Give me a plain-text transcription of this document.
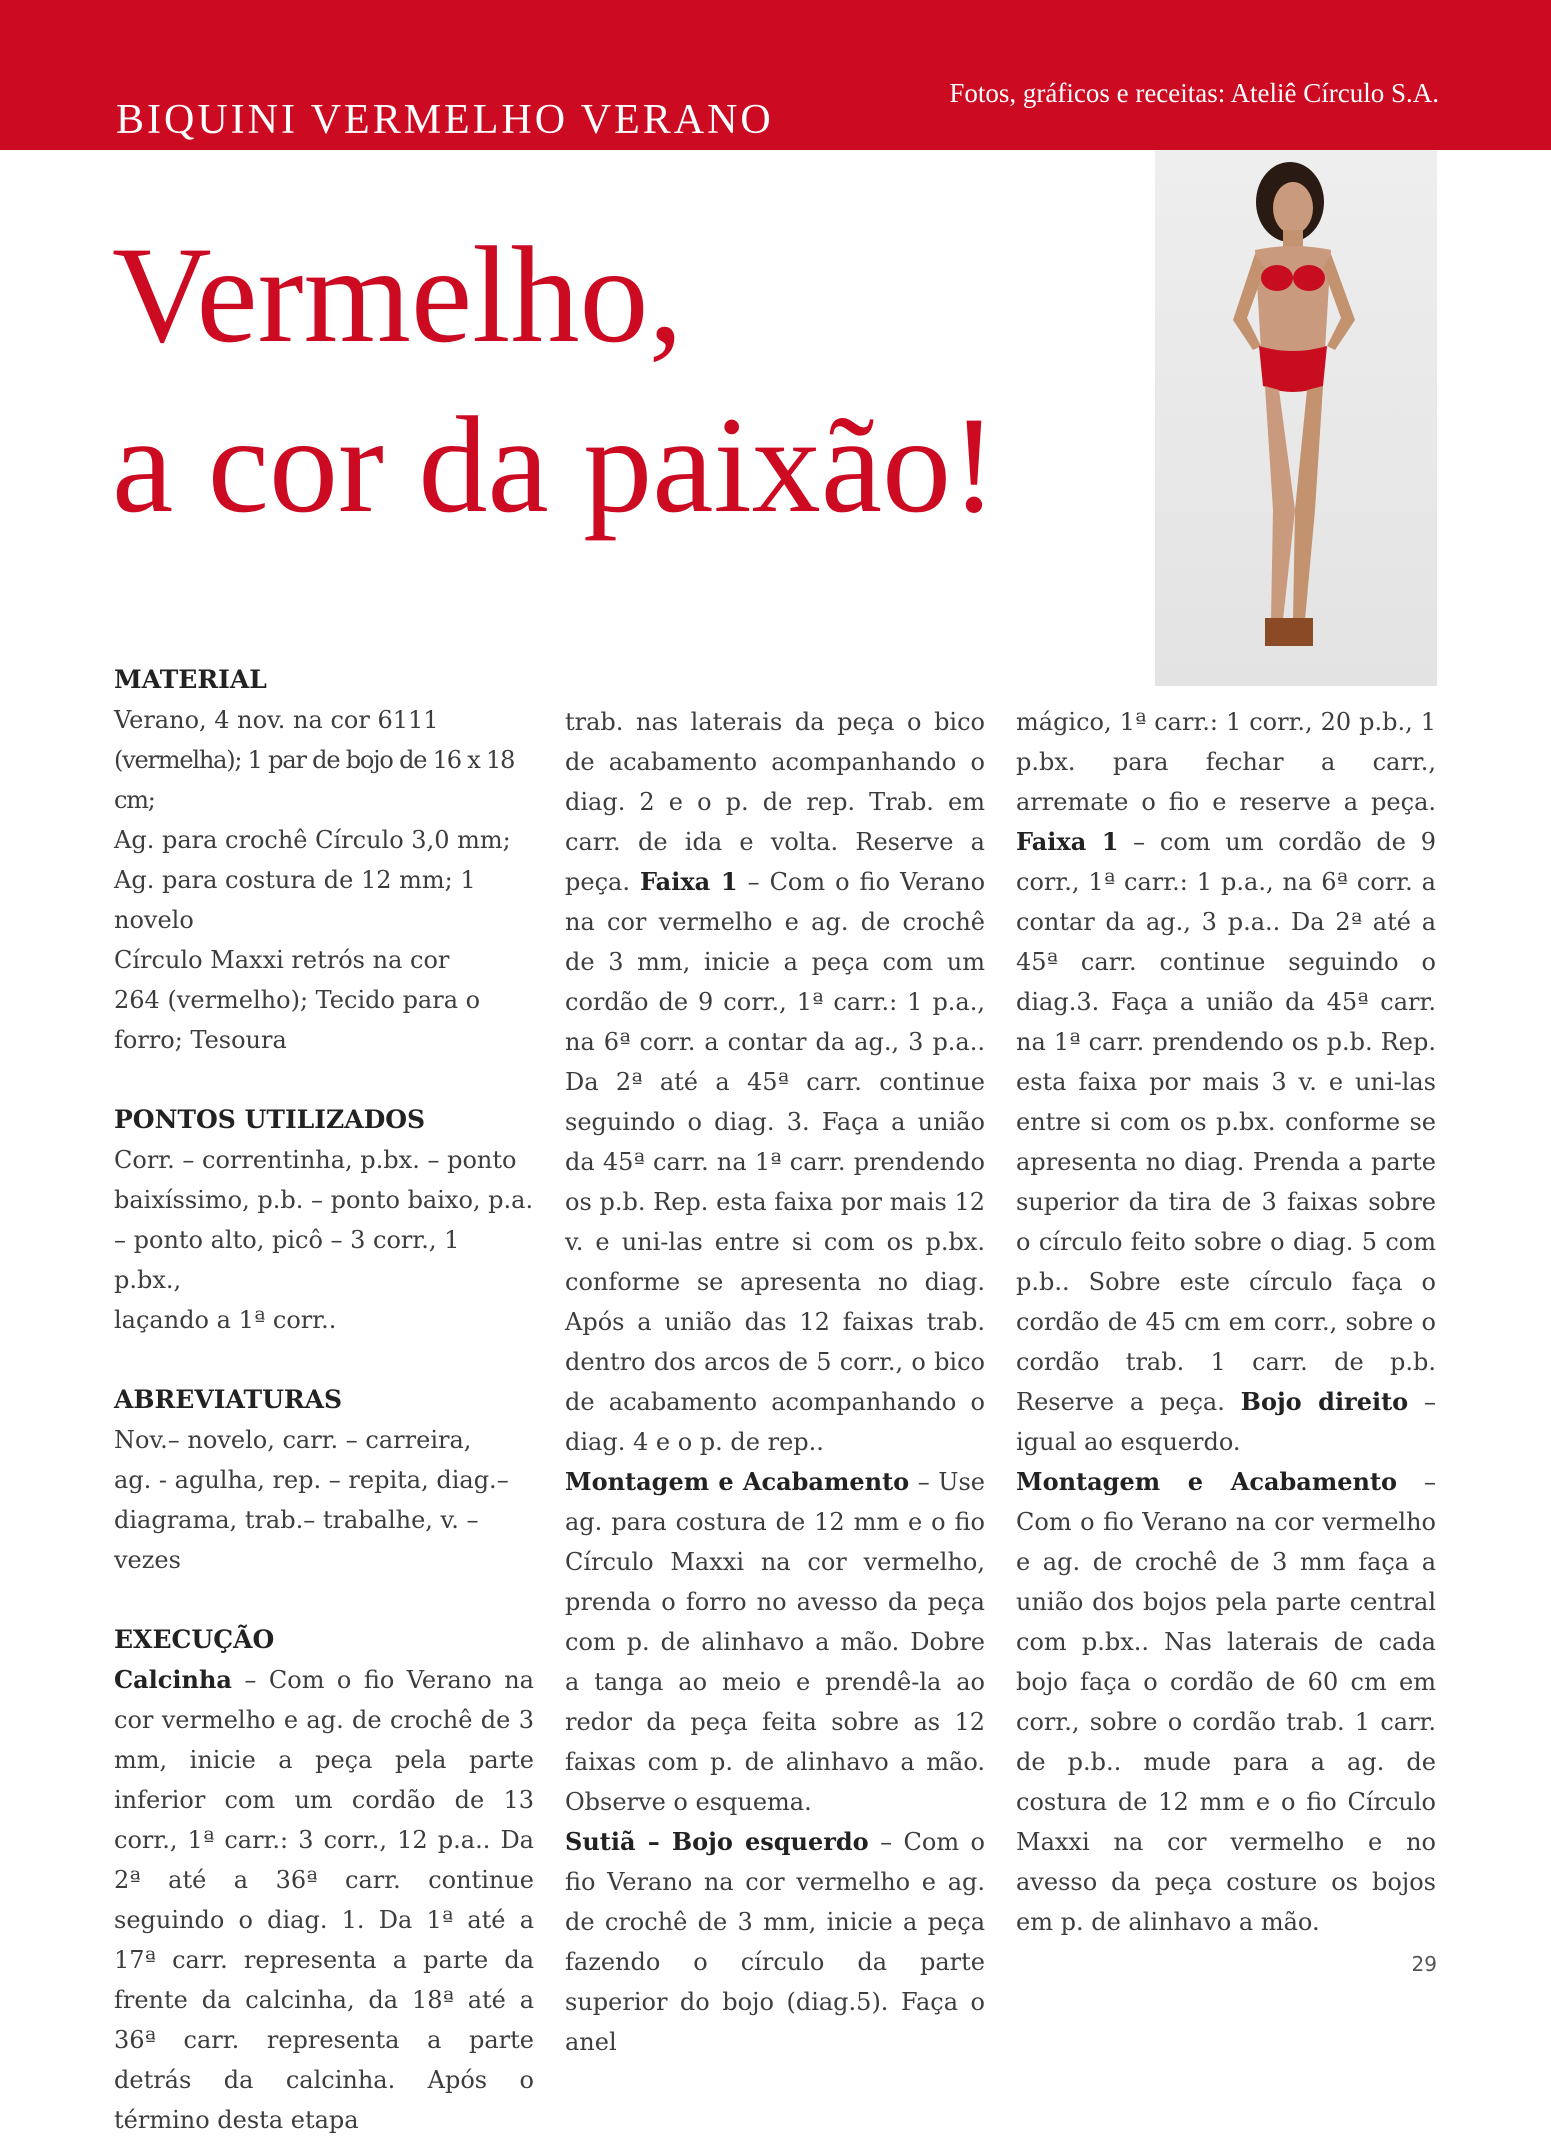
BIQUINI VERMELHO VERANO
Fotos, gráficos e receitas: Ateliê Círculo S.A.
Vermelho,
a cor da paixão!

MATERIAL

Verano, 4 nov. na cor 6111

(vermelha); 1 par de bojo de 16 x 18 cm;

Ag. para crochê Círculo 3,0 mm;

Ag. para costura de 12 mm; 1 novelo

Círculo Maxxi retrós na cor

264 (vermelho); Tecido para o

forro; Tesoura

PONTOS UTILIZADOS

Corr. – correntinha, p.bx. – ponto

baixíssimo, p.b. – ponto baixo, p.a.

– ponto alto, picô – 3 corr., 1 p.bx.,

laçando a 1ª corr..

ABREVIATURAS

Nov.– novelo, carr. – carreira,

ag. - agulha, rep. – repita, diag.–

diagrama, trab.– trabalhe, v. – vezes

EXECUÇÃO

Calcinha – Com o fio Verano na cor vermelho e ag. de crochê de 3 mm, inicie a peça pela parte inferior com um cordão de 13 corr., 1ª carr.: 3 corr., 12 p.a.. Da 2ª até a 36ª carr. continue seguindo o diag. 1. Da 1ª até a 17ª carr. representa a parte da frente da calcinha, da 18ª até a 36ª carr. representa a parte detrás da calcinha. Após o término desta etapa

trab. nas laterais da peça o bico de acabamento acompanhando o diag. 2 e o p. de rep. Trab. em carr. de ida e volta. Reserve a peça. Faixa 1 – Com o fio Verano na cor vermelho e ag. de crochê de 3 mm, inicie a peça com um cordão de 9 corr., 1ª carr.: 1 p.a., na 6ª corr. a contar da ag., 3 p.a.. Da 2ª até a 45ª carr. continue seguindo o diag. 3. Faça a união da 45ª carr. na 1ª carr. prendendo os p.b. Rep. esta faixa por mais 12 v. e uni-las entre si com os p.bx. conforme se apresenta no diag. Após a união das 12 faixas trab. dentro dos arcos de 5 corr., o bico de acabamento acompanhando o diag. 4 e o p. de rep..

Montagem e Acabamento – Use ag. para costura de 12 mm e o fio Círculo Maxxi na cor vermelho, prenda o forro no avesso da peça com p. de alinhavo a mão. Dobre a tanga ao meio e prendê-la ao redor da peça feita sobre as 12 faixas com p. de alinhavo a mão. Observe o esquema.

Sutiã – Bojo esquerdo – Com o fio Verano na cor vermelho e ag. de crochê de 3 mm, inicie a peça fazendo o círculo da parte superior do bojo (diag.5). Faça o anel

mágico, 1ª carr.: 1 corr., 20 p.b., 1 p.bx. para fechar a carr., arremate o fio e reserve a peça. Faixa 1 – com um cordão de 9 corr., 1ª carr.: 1 p.a., na 6ª corr. a contar da ag., 3 p.a.. Da 2ª até a 45ª carr. continue seguindo o diag.3. Faça a união da 45ª carr. na 1ª carr. prendendo os p.b. Rep. esta faixa por mais 3 v. e uni-las entre si com os p.bx. conforme se apresenta no diag. Prenda a parte superior da tira de 3 faixas sobre o círculo feito sobre o diag. 5 com p.b.. Sobre este círculo faça o cordão de 45 cm em corr., sobre o cordão trab. 1 carr. de p.b. Reserve a peça. Bojo direito – igual ao esquerdo.

Montagem e Acabamento – Com o fio Verano na cor vermelho e ag. de crochê de 3 mm faça a união dos bojos pela parte central com p.bx.. Nas laterais de cada bojo faça o cordão de 60 cm em corr., sobre o cordão trab. 1 carr. de p.b.. mude para a ag. de costura de 12 mm e o fio Círculo Maxxi na cor vermelho e no avesso da peça costure os bojos em p. de alinhavo a mão.

29
